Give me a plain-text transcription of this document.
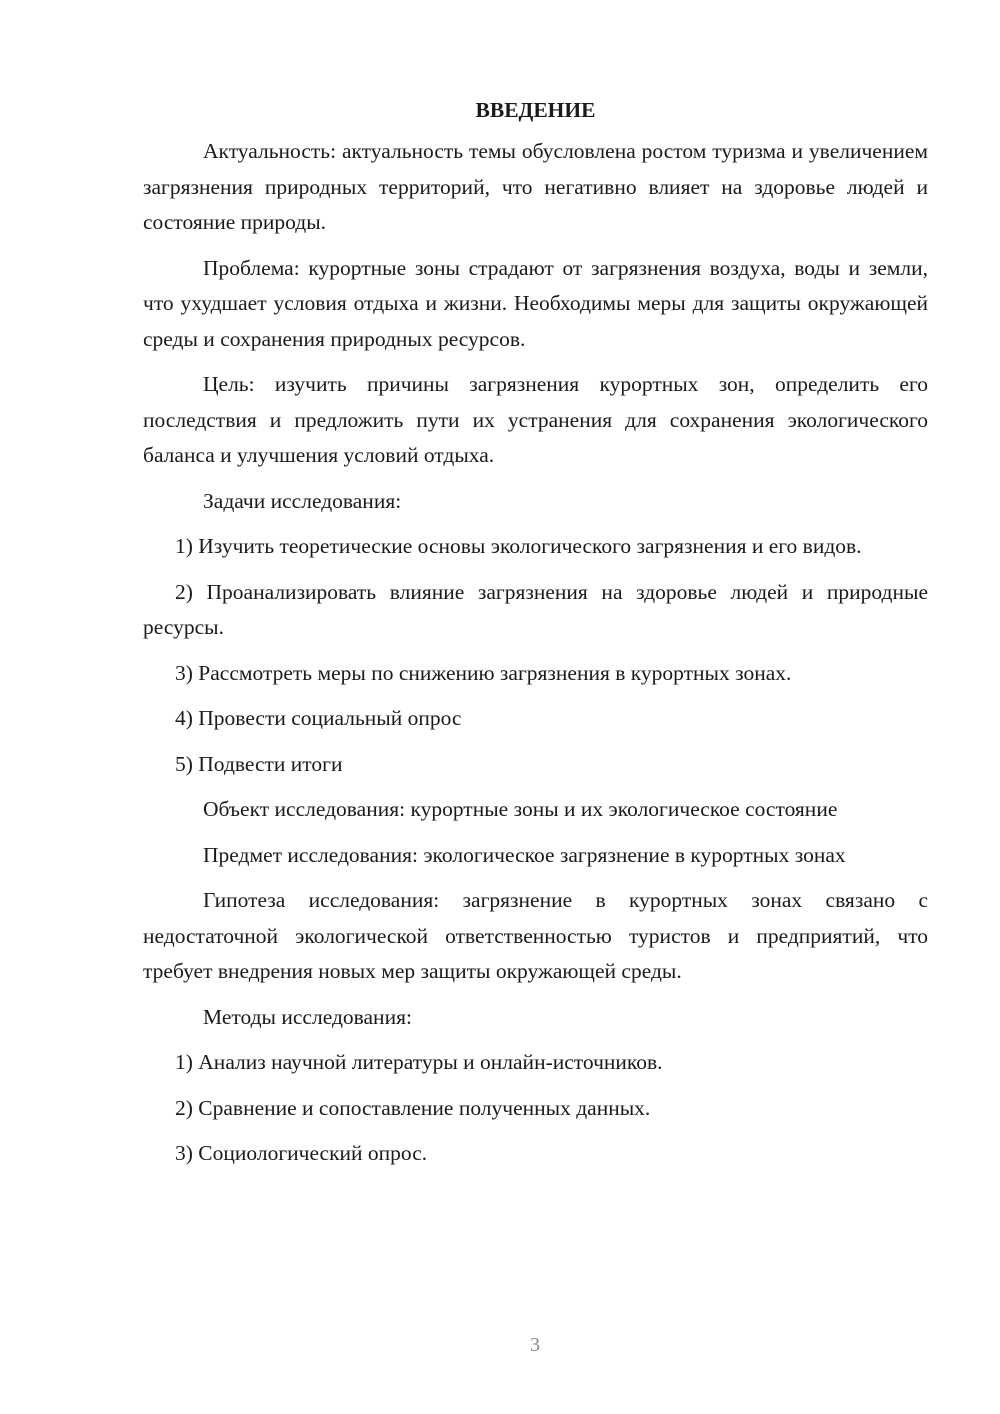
ВВЕДЕНИЕ

Актуальность: актуальность темы обусловлена ростом туризма и увеличением загрязнения природных территорий, что негативно влияет на здоровье людей и состояние природы.

Проблема: курортные зоны страдают от загрязнения воздуха, воды и земли, что ухудшает условия отдыха и жизни. Необходимы меры для защиты окружающей среды и сохранения природных ресурсов.

Цель: изучить причины загрязнения курортных зон, определить его последствия и предложить пути их устранения для сохранения экологического баланса и улучшения условий отдыха.

Задачи исследования:

1) Изучить теоретические основы экологического загрязнения и его видов.

2) Проанализировать влияние загрязнения на здоровье людей и природные ресурсы.

3) Рассмотреть меры по снижению загрязнения в курортных зонах.

4) Провести социальный опрос

5) Подвести итоги

Объект исследования: курортные зоны и их экологическое состояние

Предмет исследования: экологическое загрязнение в курортных зонах

Гипотеза исследования: загрязнение в курортных зонах связано с недостаточной экологической ответственностью туристов и предприятий, что требует внедрения новых мер защиты окружающей среды.

Методы исследования:

1) Анализ научной литературы и онлайн-источников.

2) Сравнение и сопоставление полученных данных.

3) Социологический опрос.

3
